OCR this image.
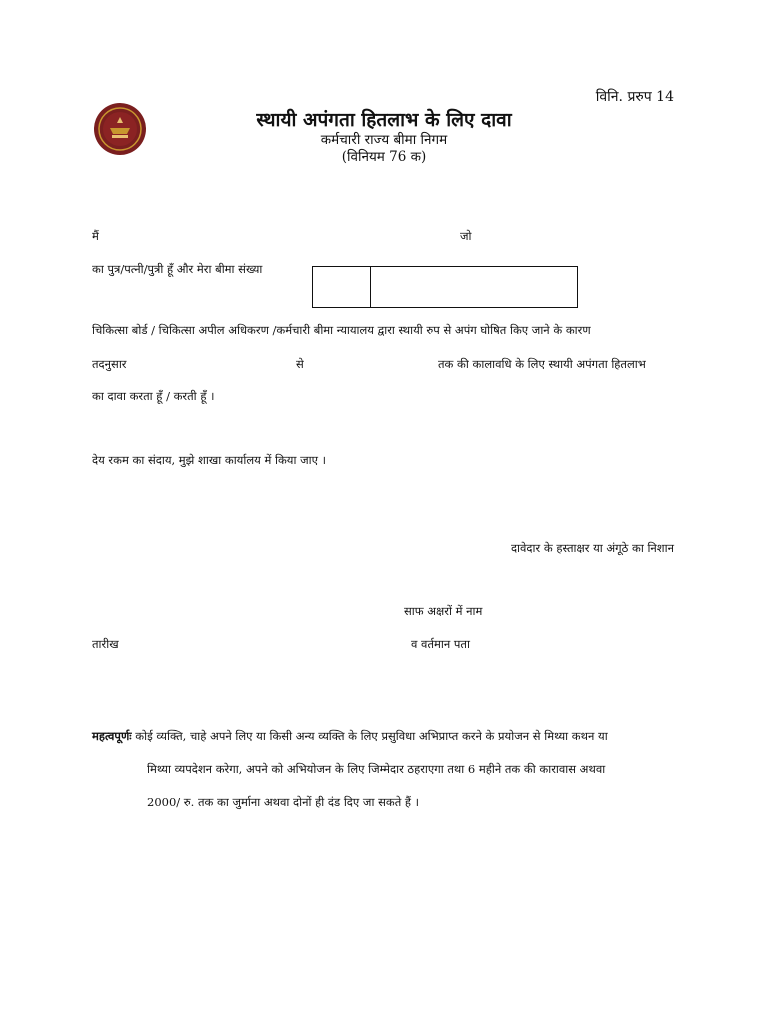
विनि. प्ररुप 14
स्थायी अपंगता हितलाभ के लिए दावा
कर्मचारी राज्य बीमा निगम
(विनियम 76 क)
मैं	जो
का पुत्र/पत्नी/पुत्री हूँ और मेरा बीमा संख्या
चिकित्सा बोर्ड / चिकित्सा अपील अधिकरण /कर्मचारी बीमा न्यायालय द्वारा स्थायी रुप से अपंग घोषित किए जाने के कारण
तदनुसार	से	तक की कालावधि के लिए स्थायी अपंगता हितलाभ
का दावा करता हूँ / करती हूँ ।
देय रकम का संदाय, मुझे शाखा कार्यालय में किया जाए ।
दावेदार के हस्ताक्षर या अंगूठे का निशान
साफ अक्षरों में नाम
तारीख	व वर्तमान पता
महत्वपूर्णः कोई व्यक्ति, चाहे अपने लिए या किसी अन्य व्यक्ति के लिए प्रसुविधा अभिप्राप्त करने के प्रयोजन से मिथ्या कथन या
मिथ्या व्यपदेशन करेगा, अपने को अभियोजन के लिए जिम्मेदार ठहराएगा तथा 6 महीने तक की कारावास अथवा
2000/ रु. तक का जुर्माना अथवा दोनों ही दंड दिए जा सकते हैं ।
